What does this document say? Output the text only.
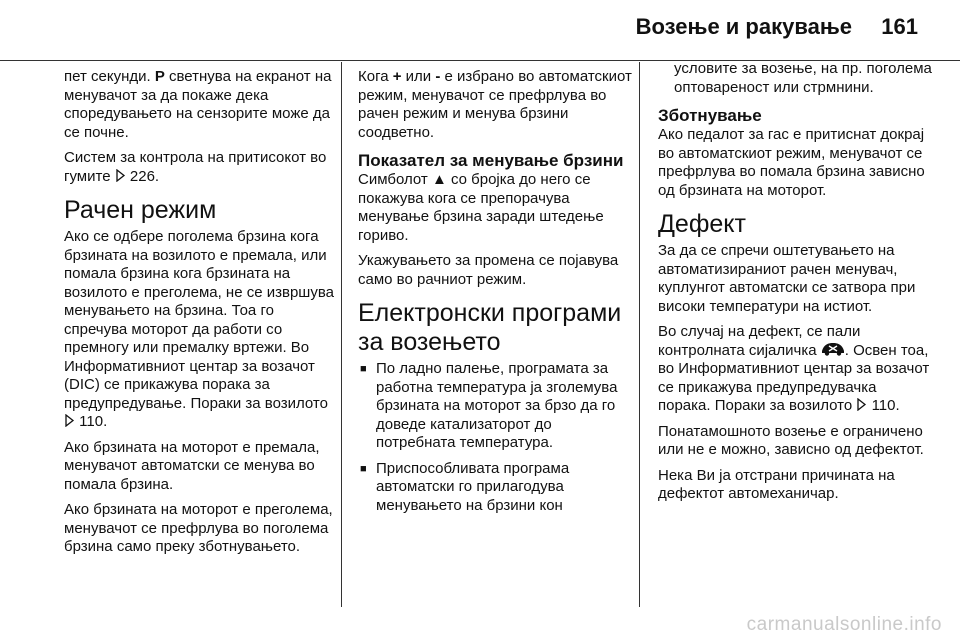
Возење и ракување 161

пет секунди. P светнува на екранот на менувачот за да покаже дека споредувањето на сензорите може да се почне.

Систем за контрола на притисокот во гумите  226.

Рачен режим

Ако се одбере поголема брзина кога брзината на возилото е премала, или помала брзина кога брзината на возилото е преголема, не се извршува менувањето на брзина. Тоа го спречува моторот да работи со премногу или премалку вртежи. Во Информативниот центар за возачот (DIC) се прикажува порака за предупредување. Пораки за возилото  110.

Ако брзината на моторот е премала, менувачот автоматски се менува во помала брзина.

Ако брзината на моторот е преголема, менувачот се префрлува во поголема брзина само преку зботнувањето.

Кога + или - е избрано во автоматскиот режим, менувачот се префрлува во рачен режим и менува брзини соодветно.

Показател за менување брзини

Симболот ▲ со бројка до него се покажува кога се препорачува менување брзина заради штедење гориво.

Укажувањето за промена се појавува само во рачниот режим.

Електронски програми за возењето
■ По ладно палење, програмата за работна температура ја зголемува брзината на моторот за брзо да го доведе катализаторот до потребната температура.
■ Приспособливата програма автоматски го прилагодува менувањето на брзини кон

условите за возење, на пр. поголема оптовареност или стрмнини.

Зботнување

Ако педалот за гас е притиснат докрај во автоматскиот режим, менувачот се префрлува во помала брзина зависно од брзината на моторот.

Дефект

За да се спречи оштетувањето на автоматизираниот рачен менувач, куплунгот автоматски се затвора при високи температури на истиот.

Во случај на дефект, се пали контролната сијаличка . Освен тоа, во Информативниот центар за возачот се прикажува предупредувачка порака. Пораки за возилото  110.

Понатамошното возење е ограничено или не е можно, зависно од дефектот.

Нека Ви ја отстрани причината на дефектот автомеханичар.

carmanualsonline.info
